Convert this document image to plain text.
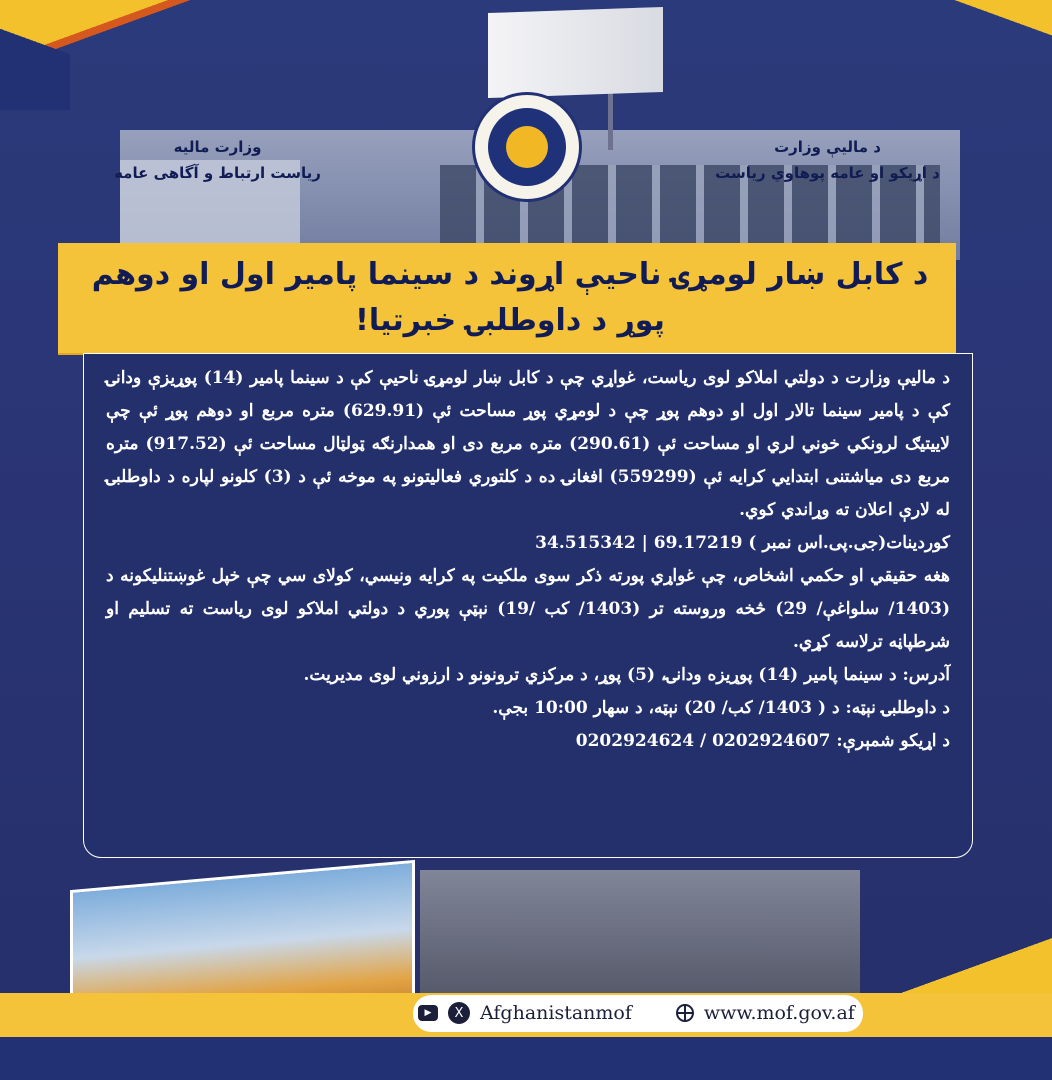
وزارت مالیه
ریاست ارتباط و آگاهی عامه
د مالیې وزارت
د اړیکو او عامه پوهاوي ریاست
د کابل ښار لومړۍ ناحیې اړوند د سینما پامیر اول او دوهم پوړ د داوطلبۍ خبرتیا!

د مالیې وزارت د دولتي املاکو لوی ریاست، غواړي چې د کابل ښار لومړۍ ناحیې کې د سینما پامیر (14) پوړیزې ودانۍ کې د پامیر سینما تالار اول او دوهم پوړ چې د لومړي پوړ مساحت ئې (629.91) متره مربع او دوهم پوړ ئې چې لاییتیګ لرونکي خوني لري او مساحت ئې (290.61) متره مربع دی او همدارنګه ټولټال مساحت ئې (917.52) متره مربع دی میاشتنی ابتدایي کرایه ئې (559299) افغانۍ ده د کلتوري فعالیتونو په موخه ئې د (3) کلونو لپاره د داوطلبۍ له لارې اعلان ته وړاندي کوي.

کوردینات(جی.پی.اس نمبر ) 69.17219 | 34.515342

هغه حقیقي او حکمي اشخاص، چې غواړي پورته ذکر سوی ملکیت په کرایه ونیسي، کولای سي چې خپل غوښتنلیکونه د (1403/ سلواغې/ 29) څخه وروسته تر (1403/ کب /19) نېټې پوري د دولتي املاکو لوی ریاست ته تسلیم او شرطپاڼه ترلاسه کړي.

آدرس: د سینما پامیر (14) پوړیزه ودانۍ، (5) پوړ، د مرکزي ترونونو د ارزوني لوی مدیریت.

د داوطلبۍ نېټه: د ( 1403/ کب/ 20) نېټه، د سهار 10:00 بجې.

د اړیکو شمېرې: 0202924607 / 0202924624

▶	X Afghanistanmof	www.mof.gov.af
